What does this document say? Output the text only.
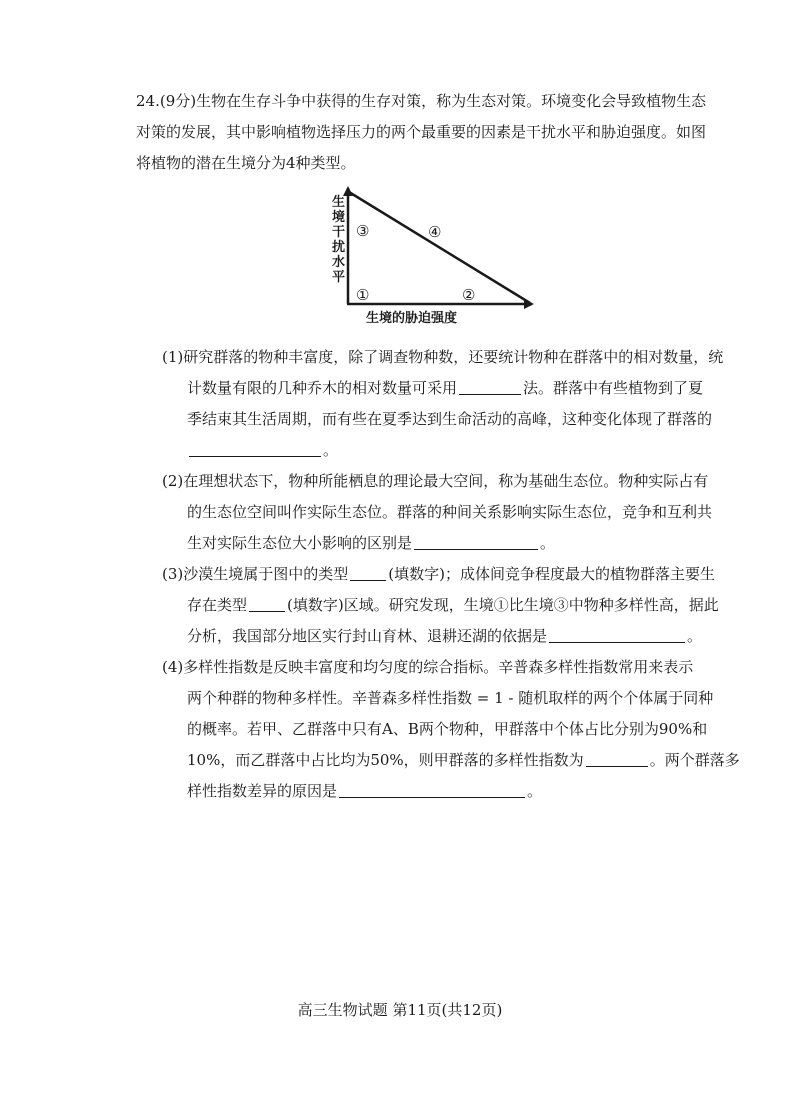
24.(9分)生物在生存斗争中获得的生存对策，称为生态对策。环境变化会导致植物生态
对策的发展，其中影响植物选择压力的两个最重要的因素是干扰水平和胁迫强度。如图
将植物的潜在生境分为4种类型。

生境干扰水平
①	②
③	④
生境的胁迫强度

(1)研究群落的物种丰富度，除了调查物种数，还要统计物种在群落中的相对数量，统
计数量有限的几种乔木的相对数量可采用	法。群落中有些植物到了夏
季结束其生活周期，而有些在夏季达到生命活动的高峰，这种变化体现了群落的
。

(2)在理想状态下，物种所能栖息的理论最大空间，称为基础生态位。物种实际占有
的生态位空间叫作实际生态位。群落的种间关系影响实际生态位，竞争和互利共
生对实际生态位大小影响的区别是	。

(3)沙漠生境属于图中的类型	(填数字)；成体间竞争程度最大的植物群落主要生
存在类型	(填数字)区域。研究发现，生境①比生境③中物种多样性高，据此
分析，我国部分地区实行封山育林、退耕还湖的依据是	。

(4)多样性指数是反映丰富度和均匀度的综合指标。辛普森多样性指数常用来表示
两个种群的物种多样性。辛普森多样性指数 = 1 - 随机取样的两个个体属于同种
的概率。若甲、乙群落中只有A、B两个物种，甲群落中个体占比分别为90%和
10%，而乙群落中占比均为50%，则甲群落的多样性指数为	。两个群落多
样性指数差异的原因是	。

高三生物试题 第11页(共12页)
